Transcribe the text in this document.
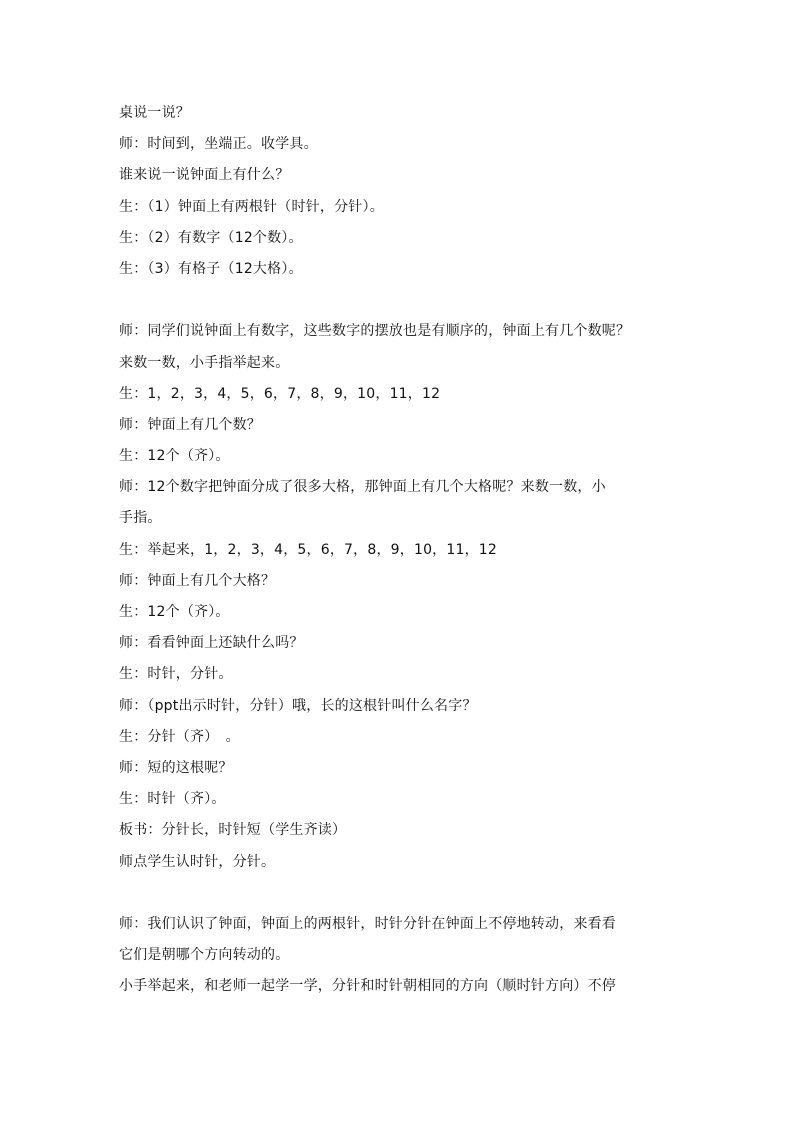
桌说一说？
师：时间到，坐端正。收学具。
谁来说一说钟面上有什么？
生：（1）钟面上有两根针（时针，分针）。
生：（2）有数字（12个数）。
生：（3）有格子（12大格）。
师：同学们说钟面上有数字，这些数字的摆放也是有顺序的，钟面上有几个数呢？
来数一数，小手指举起来。
生：1，2，3，4，5，6，7，8，9，10，11，12
师：钟面上有几个数？
生：12个（齐）。
师：12个数字把钟面分成了很多大格，那钟面上有几个大格呢？来数一数，小
手指。
生：举起来，1，2，3，4，5，6，7，8，9，10，11，12
师：钟面上有几个大格？
生：12个（齐）。
师：看看钟面上还缺什么吗？
生：时针，分针。
师：（ppt出示时针，分针）哦，长的这根针叫什么名字？
生：分针（齐）　。
师：短的这根呢？
生：时针（齐）。
板书：分针长，时针短（学生齐读）
师点学生认时针，分针。
师：我们认识了钟面，钟面上的两根针，时针分针在钟面上不停地转动，来看看
它们是朝哪个方向转动的。
小手举起来，和老师一起学一学，分针和时针朝相同的方向（顺时针方向）不停
